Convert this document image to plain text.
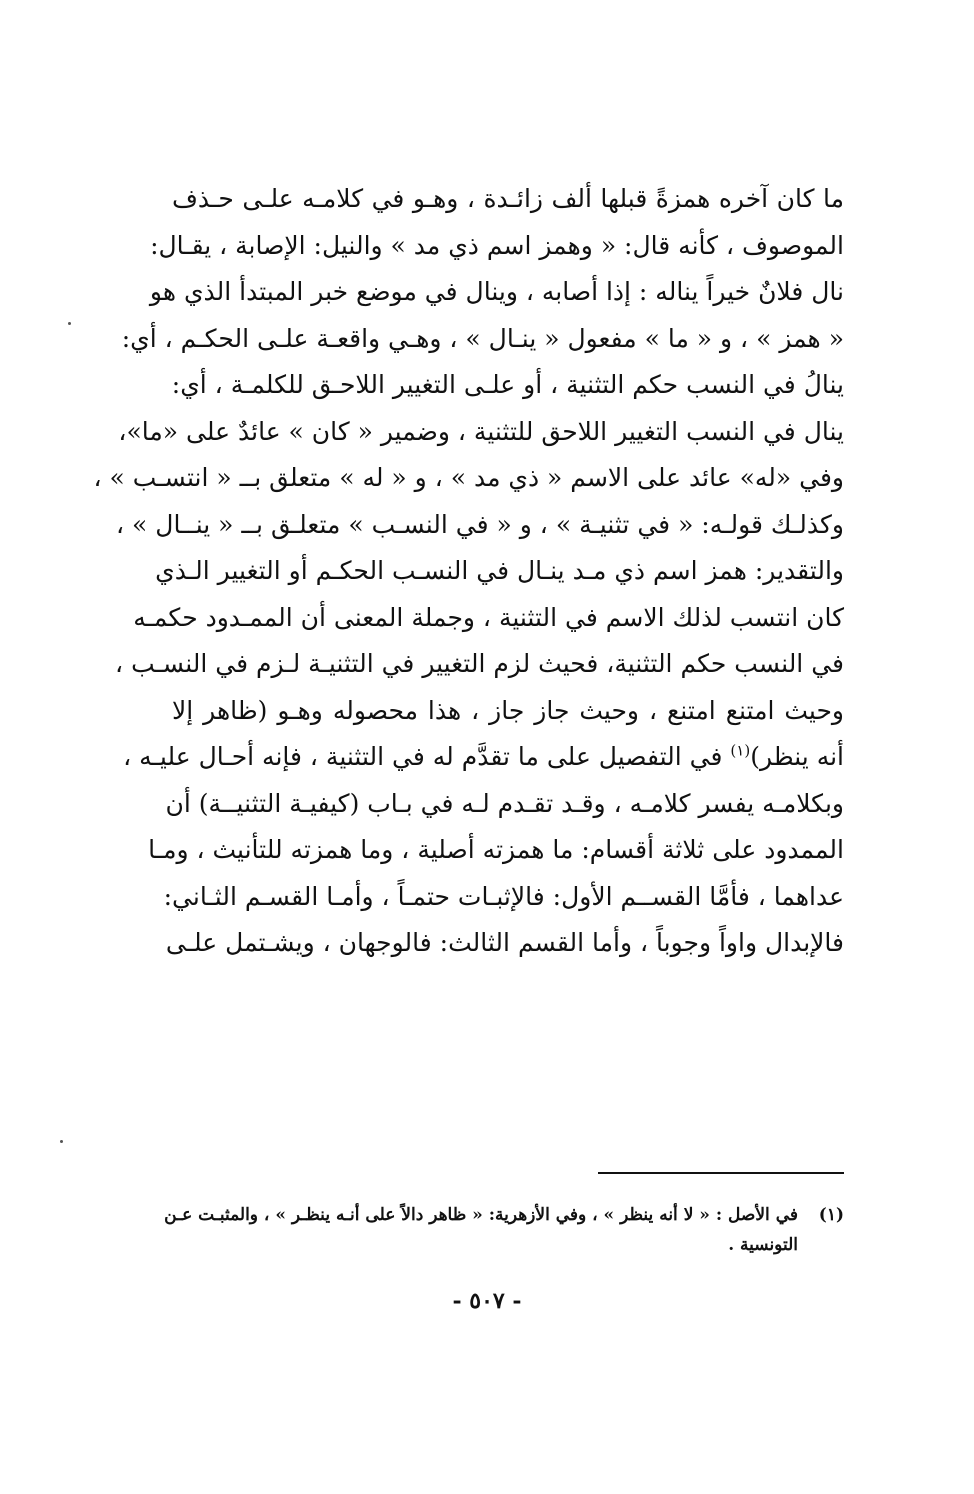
ما كان آخره همزةً قبلها ألف زائـدة ، وهـو في كلامـه علـى حـذف
الموصوف ، كأنه قال: « وهمز اسم ذي مد » والنيل: الإصابة ، يقـال:
نال فلانٌ خيراً يناله : إذا أصابه ، وينال في موضع خبر المبتدأ الذي هو
« همز » ، و « ما » مفعول « ينـال » ، وهـي واقعـة علـى الحكـم ، أي:
ينالُ في النسب حكم التثنية ، أو علـى التغيير اللاحـق للكلمـة ، أي:
ينال في النسب التغيير اللاحق للتثنية ، وضمير « كان » عائدٌ على «ما»،
وفي «له» عائد على الاسم « ذي مد » ، و « له » متعلق بــ « انتسـب » ،
وكذلـك قولـه: « في تثنيـة » ، و « في النسـب » متعلـق بــ « ينــال » ،
والتقدير: همز اسم ذي مـد ينـال في النسـب الحكـم أو التغيير الـذي
كان انتسب لذلك الاسم في التثنية ، وجملة المعنى أن الممـدود حكمـه
في النسب حكم التثنية، فحيث لزم التغيير في التثنيـة لـزم في النسـب ،
وحيث امتنع امتنع ، وحيث جاز جاز ، هذا محصوله وهـو (ظاهر إلا
أنه ينظر)$^{(١)}$ في التفصيل على ما تقدَّم له في التثنية ، فإنه أحـال عليـه ،
وبكلامـه يفسر كلامـه ، وقـد تقـدم لـه في بـاب (كيفيـة التثنيــة) أن
الممدود على ثلاثة أقسام: ما همزته أصلية ، وما همزته للتأنيث ، ومـا
عداهما ، فأمَّا القســم الأول: فالإثبـات حتمـاً ، وأمـا القسـم الثـاني:
فالإبدال واواً وجوباً ، وأما القسم الثالث: فالوجهان ، ويشـتمل علـى
(١)
في الأصل : « لا أنه ينظر » ، وفي الأزهرية: « ظاهر دالاً على أنـه ينظـر » ، والمثبـت عـن
التونسية .
- ٥٠٧ -
